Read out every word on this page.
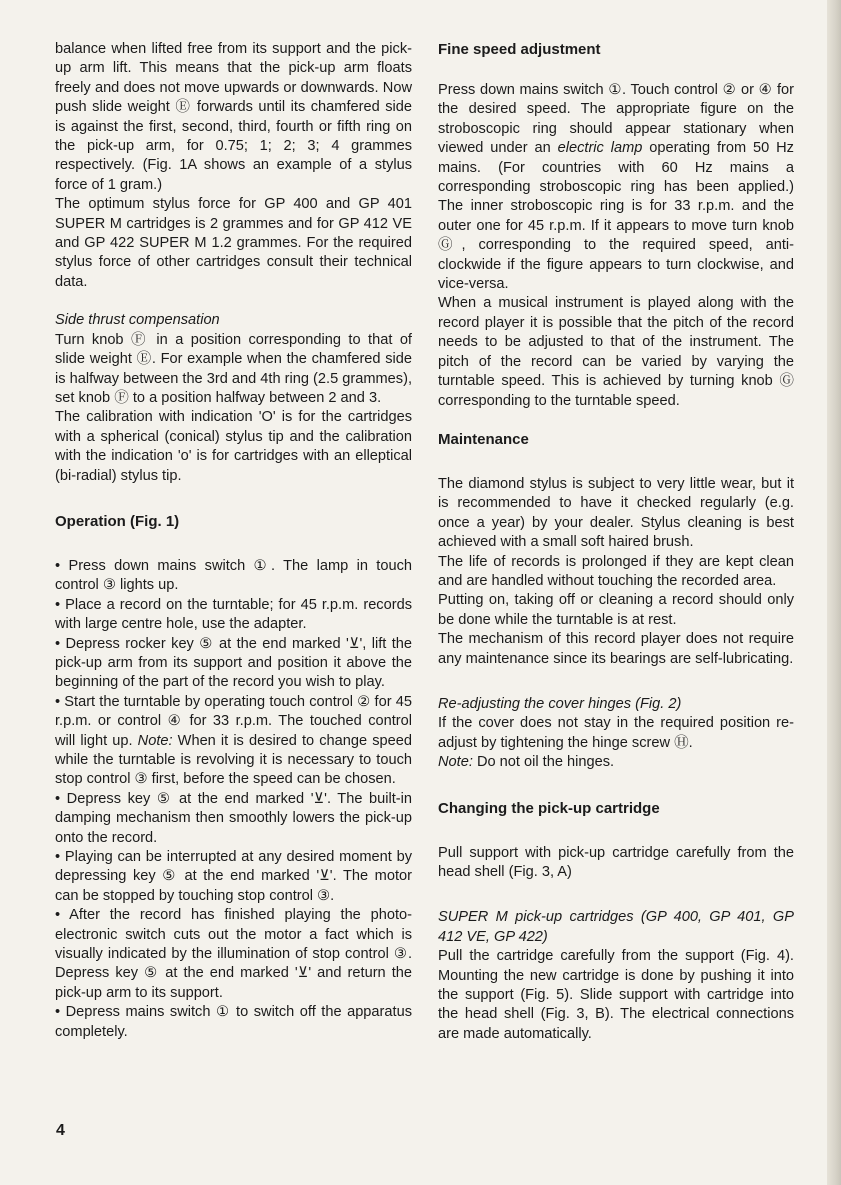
balance when lifted free from its support and the pick-up arm lift. This means that the pick-up arm floats freely and does not move upwards or downwards. Now push slide weight Ⓔ forwards until its chamfered side is against the first, second, third, fourth or fifth ring on the pick-up arm, for 0.75; 1; 2; 3; 4 grammes respectively. (Fig. 1A shows an example of a stylus force of 1 gram.)

The optimum stylus force for GP 400 and GP 401 SUPER M cartridges is 2 grammes and for GP 412 VE and GP 422 SUPER M 1.2 grammes. For the required stylus force of other cartridges consult their technical data.

Side thrust compensation

Turn knob Ⓕ in a position corresponding to that of slide weight Ⓔ. For example when the chamfered side is halfway between the 3rd and 4th ring (2.5 grammes), set knob Ⓕ to a position halfway between 2 and 3.

The calibration with indication 'O' is for the cartridges with a spherical (conical) stylus tip and the calibration with the indication 'o' is for cartridges with an elleptical (bi-radial) stylus tip.

Operation (Fig. 1)

• Press down mains switch ①. The lamp in touch control ③ lights up.

• Place a record on the turntable; for 45 r.p.m. records with large centre hole, use the adapter.

• Depress rocker key ⑤ at the end marked '⊻', lift the pick-up arm from its support and position it above the beginning of the part of the record you wish to play.

• Start the turntable by operating touch control ② for 45 r.p.m. or control ④ for 33 r.p.m. The touched control will light up. Note: When it is desired to change speed while the turntable is revolving it is necessary to touch stop control ③ first, before the speed can be chosen.

• Depress key ⑤ at the end marked '⊻'. The built-in damping mechanism then smoothly lowers the pick-up onto the record.

• Playing can be interrupted at any desired moment by depressing key ⑤ at the end marked '⊻'. The motor can be stopped by touching stop control ③.

• After the record has finished playing the photo-electronic switch cuts out the motor a fact which is visually indicated by the illumination of stop control ③. Depress key ⑤ at the end marked '⊻' and return the pick-up arm to its support.

• Depress mains switch ① to switch off the apparatus completely.

Fine speed adjustment

Press down mains switch ①. Touch control ② or ④ for the desired speed. The appropriate figure on the stroboscopic ring should appear stationary when viewed under an electric lamp operating from 50 Hz mains. (For countries with 60 Hz mains a corresponding stroboscopic ring has been applied.) The inner stroboscopic ring is for 33 r.p.m. and the outer one for 45 r.p.m. If it appears to move turn knob Ⓖ, corresponding to the required speed, anti-clockwide if the figure appears to turn clockwise, and vice-versa.

When a musical instrument is played along with the record player it is possible that the pitch of the record needs to be adjusted to that of the instrument. The pitch of the record can be varied by varying the turntable speed. This is achieved by turning knob Ⓖ corresponding to the turntable speed.

Maintenance

The diamond stylus is subject to very little wear, but it is recommended to have it checked regularly (e.g. once a year) by your dealer. Stylus cleaning is best achieved with a small soft haired brush.

The life of records is prolonged if they are kept clean and are handled without touching the recorded area.

Putting on, taking off or cleaning a record should only be done while the turntable is at rest.

The mechanism of this record player does not require any maintenance since its bearings are self-lubricating.

Re-adjusting the cover hinges (Fig. 2)

If the cover does not stay in the required position re-adjust by tightening the hinge screw Ⓗ.

Note: Do not oil the hinges.

Changing the pick-up cartridge

Pull support with pick-up cartridge carefully from the head shell (Fig. 3, A)

SUPER M pick-up cartridges (GP 400, GP 401, GP 412 VE, GP 422)

Pull the cartridge carefully from the support (Fig. 4). Mounting the new cartridge is done by pushing it into the support (Fig. 5). Slide support with cartridge into the head shell (Fig. 3, B). The electrical connections are made automatically.

4
